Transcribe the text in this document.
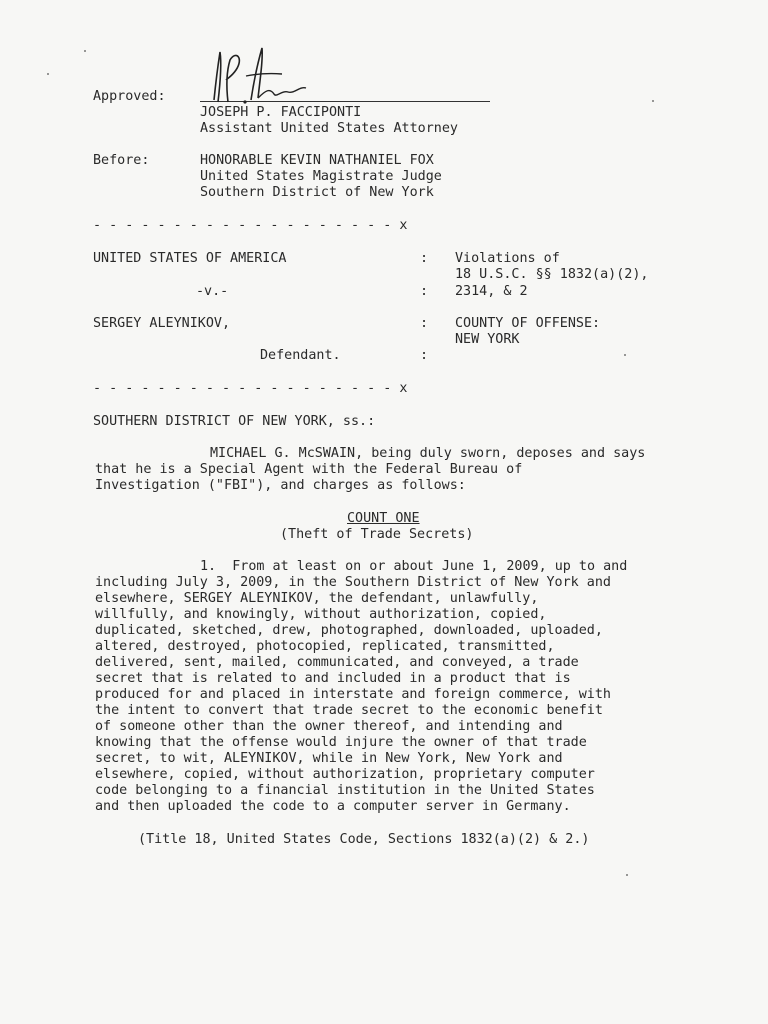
Approved:
JOSEPH P. FACCIPONTI
Assistant United States Attorney
Before:	HONORABLE KEVIN NATHANIEL FOX
United States Magistrate Judge
Southern District of New York
- - - - - - - - - - - - - - - - - - - x
UNITED STATES OF AMERICA
-v.-
SERGEY ALEYNIKOV,
Defendant.
:
:
:
:
Violations of
18 U.S.C. §§ 1832(a)(2),
2314, & 2
COUNTY OF OFFENSE:
NEW YORK
- - - - - - - - - - - - - - - - - - - x
SOUTHERN DISTRICT OF NEW YORK, ss.:
MICHAEL G. McSWAIN, being duly sworn, deposes and says
that he is a Special Agent with the Federal Bureau of
Investigation ("FBI"), and charges as follows:
COUNT ONE
(Theft of Trade Secrets)
1.  From at least on or about June 1, 2009, up to and
including July 3, 2009, in the Southern District of New York and
elsewhere, SERGEY ALEYNIKOV, the defendant, unlawfully,
willfully, and knowingly, without authorization, copied,
duplicated, sketched, drew, photographed, downloaded, uploaded,
altered, destroyed, photocopied, replicated, transmitted,
delivered, sent, mailed, communicated, and conveyed, a trade
secret that is related to and included in a product that is
produced for and placed in interstate and foreign commerce, with
the intent to convert that trade secret to the economic benefit
of someone other than the owner thereof, and intending and
knowing that the offense would injure the owner of that trade
secret, to wit, ALEYNIKOV, while in New York, New York and
elsewhere, copied, without authorization, proprietary computer
code belonging to a financial institution in the United States
and then uploaded the code to a computer server in Germany.
(Title 18, United States Code, Sections 1832(a)(2) & 2.)
